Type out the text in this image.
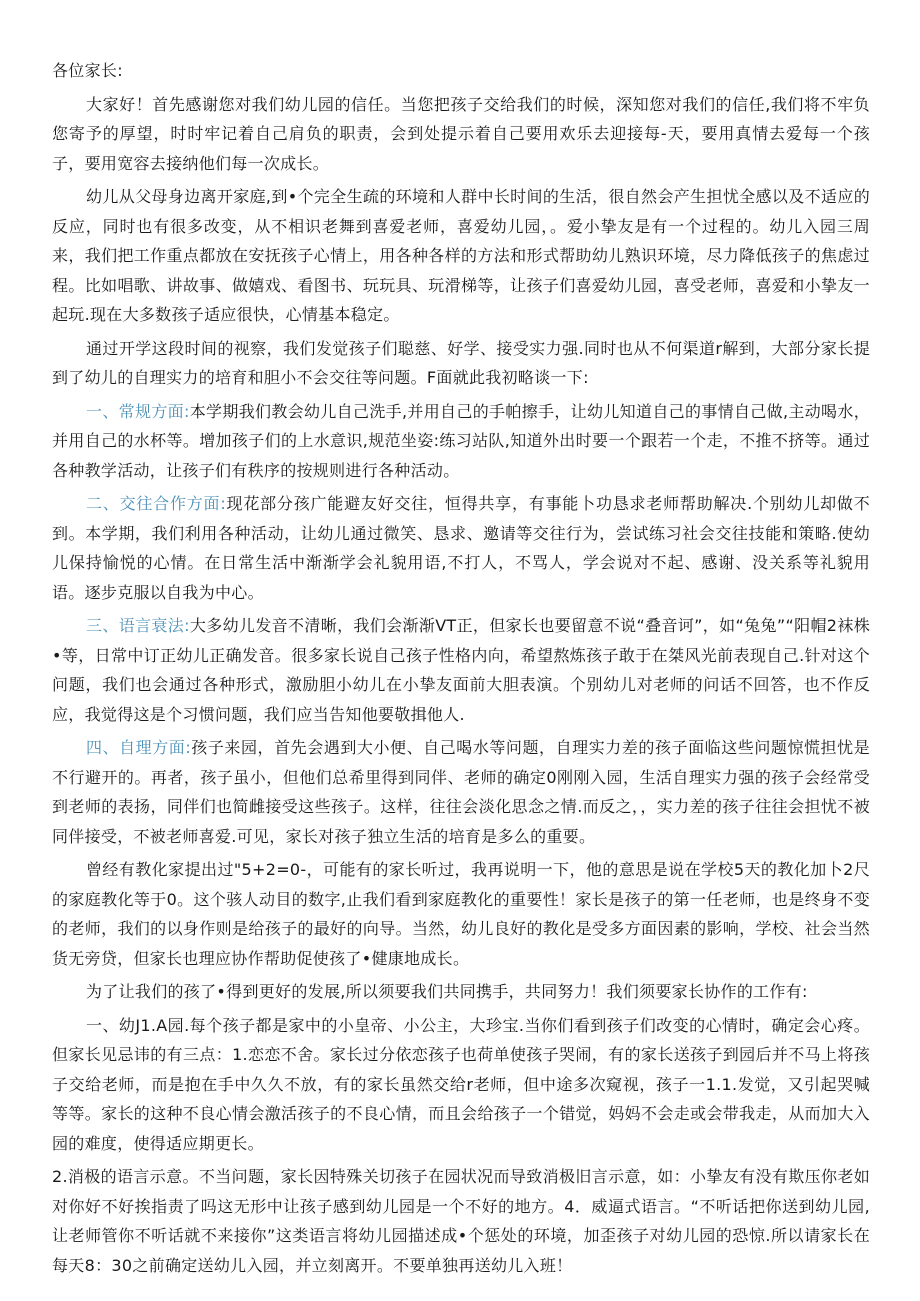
各位家长:

大家好！首先感谢您对我们幼儿园的信任。当您把孩子交给我们的时候，深知您对我们的信任,我们将不牢负您寄予的厚望，时时牢记着自己肩负的职责，会到处提示着自己要用欢乐去迎接每-天，要用真情去爱每一个孩子，要用宽容去接纳他们每一次成长。

幼儿从父母身边离开家庭,到•个完全生疏的环境和人群中长时间的生活，很自然会产生担忧全感以及不适应的反应，同时也有很多改变，从不相识老舞到喜爱老师，喜爱幼儿园，。爱小挚友是有一个过程的。幼儿入园三周来，我们把工作重点都放在安抚孩子心情上，用各种各样的方法和形式帮助幼儿熟识环境，尽力降低孩子的焦虑过程。比如唱歌、讲故事、做嬉戏、看图书、玩玩具、玩滑梯等，让孩子们喜爱幼儿园，喜受老师，喜爱和小挚友一起玩.现在大多数孩子适应很快，心情基本稳定。

通过开学这段时间的视察，我们发觉孩子们聪慈、好学、接受实力强.同时也从不何渠道r解到，大部分家长提到了幼儿的自理实力的培育和胆小不会交往等问题。F面就此我初略谈一下:

一、常规方面:本学期我们教会幼儿自己洗手,并用自己的手帕擦手，让幼儿知道自己的事情自己做,主动喝水，并用自己的水杯等。增加孩子们的上水意识,规范坐姿:练习站队,知道外出时要一个跟若一个走，不推不挤等。通过各种教学活动，让孩子们有秩序的按规则进行各种活动。

二、交往合作方面:现花部分孩广能避友好交往，恒得共享，有事能卜功恳求老师帮助解决.个别幼儿却做不到。本学期，我们利用各种活动，让幼儿通过微笑、恳求、邀请等交往行为，尝试练习社会交往技能和策略.使幼儿保持愉悦的心情。在日常生活中渐渐学会礼貌用语,不打人，不骂人，学会说对不起、感谢、没关系等礼貌用语。逐步克服以自我为中心。

三、语言衰法:大多幼儿发音不清晰，我们会渐渐VT正，但家长也要留意不说“叠音诃”，如“兔兔”“阳帽2袜株•等，日常中订正幼儿正确发音。很多家长说自己孩子性格内向，希望熬炼孩子敢于在桀风光前表现自己.针对这个问题，我们也会通过各种形式，激励胆小幼儿在小挚友面前大胆表演。个别幼儿对老师的问话不回答，也不作反应，我觉得这是个习惯问题，我们应当告知他要敬揖他人.

四、自理方面:孩子来园，首先会遇到大小便、自己喝水等问题，自理实力差的孩子面临这些问题惊慌担忧是不行避开的。再者，孩子虽小，但他们总希里得到同伴、老师的确定0刚刚入园，生活自理实力强的孩子会经常受到老师的表扬，同伴们也简雌接受这些孩子。这样，往往会淡化思念之情.而反之，，实力差的孩子往往会担忧不被同伴接受，不被老师喜爱.可见，家长对孩子独立生活的培育是多么的重要。

曾经有教化家提出过"5+2=0-，可能有的家长听过，我再说明一下，他的意思是说在学校5天的教化加卜2尺的家庭教化等于0。这个骇人动目的数字,止我们看到家庭教化的重要性！家长是孩子的第一任老师，也是终身不变的老师，我们的以身作则是给孩子的最好的向导。当然，幼儿良好的教化是受多方面因素的影响，学校、社会当然货无旁贷，但家长也理应协作帮助促使孩了•健康地成长。

为了让我们的孩了•得到更好的发展,所以须要我们共同携手，共同努力！我们须要家长协作的工作有:

一、幼J1.A园.每个孩子都是家中的小皇帝、小公主，大珍宝.当你们看到孩子们改变的心情时，确定会心疼。但家长见忌讳的有三点：1.恋恋不舍。家长过分依恋孩子也荷单使孩子哭闹，有的家长送孩子到园后并不马上将孩子交给老师，而是抱在手中久久不放，有的家长虽然交给r老师，但中途多次窥视，孩子一1.1.发觉，又引起哭喊等等。家长的这种不良心情会激活孩子的不良心情，而且会给孩子一个错觉，妈妈不会走或会带我走，从而加大入园的难度，使得适应期更长。

2.消极的语言示意。不当问题，家长因特殊关切孩子在园状况而导致消极旧言示意，如：小挚友有没有欺压你老如对你好不好挨指责了吗这无形中让孩子感到幼儿园是一个不好的地方。4．威逼式语言。“不听话把你送到幼儿园,让老师管你不听话就不来接你”这类语言将幼儿园描述成•个惩处的环境，加歪孩子对幼儿园的恐惊.所以请家长在每天8：30之前确定送幼儿入园，并立刻离开。不要单独再送幼儿入班！
